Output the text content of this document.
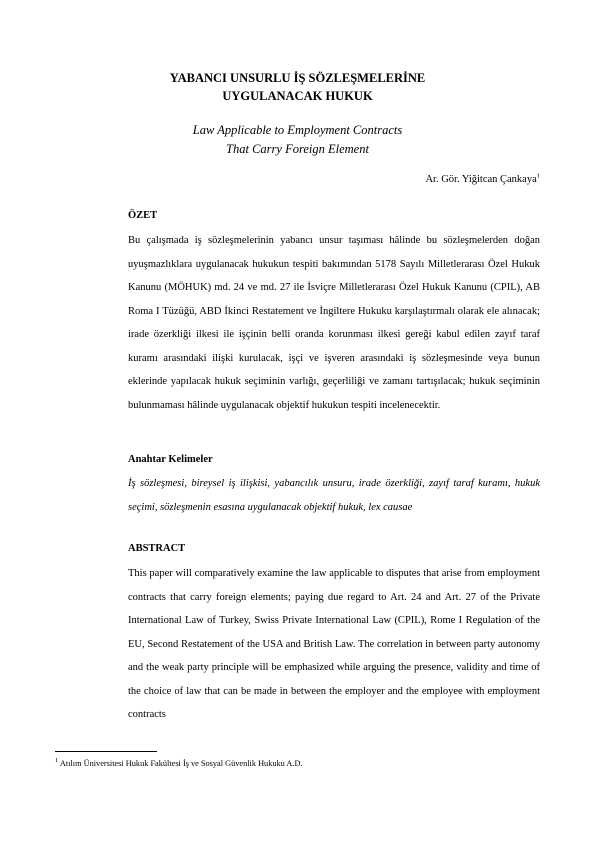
YABANCI UNSURLU İŞ SÖZLEŞMELERİNE
UYGULANACAK HUKUK
Law Applicable to Employment Contracts
That Carry Foreign Element
Ar. Gör. Yiğitcan Çankaya$^1$
ÖZET
Bu çalışmada iş sözleşmelerinin yabancı unsur taşıması hâlinde bu sözleşmelerden doğan uyuşmazlıklara uygulanacak hukukun tespiti bakımından 5178 Sayılı Milletlerarası Özel Hukuk Kanunu (MÖHUK) md. 24 ve md. 27 ile İsviçre Milletlerarası Özel Hukuk Kanunu (CPIL), AB Roma I Tüzüğü, ABD İkinci Restatement ve İngiltere Hukuku karşılaştırmalı olarak ele alınacak; irade özerkliği ilkesi ile işçinin belli oranda korunması ilkesi gereği kabul edilen zayıf taraf kuramı arasındaki ilişki kurulacak, işçi ve işveren arasındaki iş sözleşmesinde veya bunun eklerinde yapılacak hukuk seçiminin varlığı, geçerliliği ve zamanı tartışılacak; hukuk seçiminin bulunmaması hâlinde uygulanacak objektif hukukun tespiti incelenecektir.
Anahtar Kelimeler
İş sözleşmesi, bireysel iş ilişkisi, yabancılık unsuru, irade özerkliği, zayıf taraf kuramı, hukuk seçimi, sözleşmenin esasına uygulanacak objektif hukuk, lex causae
ABSTRACT
This paper will comparatively examine the law applicable to disputes that arise from employment contracts that carry foreign elements; paying due regard to Art. 24 and Art. 27 of the Private International Law of Turkey, Swiss Private International Law (CPIL), Rome I Regulation of the EU, Second Restatement of the USA and British Law. The correlation in between party autonomy and the weak party principle will be emphasized while arguing the presence, validity and time of the choice of law that can be made in between the employer and the employee with employment contracts
$^1$ Atılım Üniversitesi Hukuk Fakültesi İş ve Sosyal Güvenlik Hukuku A.D.
